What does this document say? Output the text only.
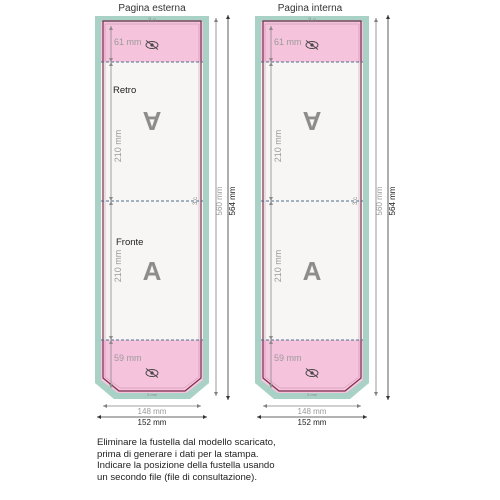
Pagina esterna
3 c
61 mm
Retro
210 mm
A
3 c
Fronte
210 mm A
59 mm
2 mm
560 mm 564 mm
148 mm
152 mm
Pagina interna
3 c
61 mm
210 mm
A
3 c
210 mm A
59 mm
2 mm
560 mm 564 mm
148 mm
152 mm
Eliminare la fustella dal modello scaricato,
prima di generare i dati per la stampa.
Indicare la posizione della fustella usando
un secondo file (file di consultazione).
